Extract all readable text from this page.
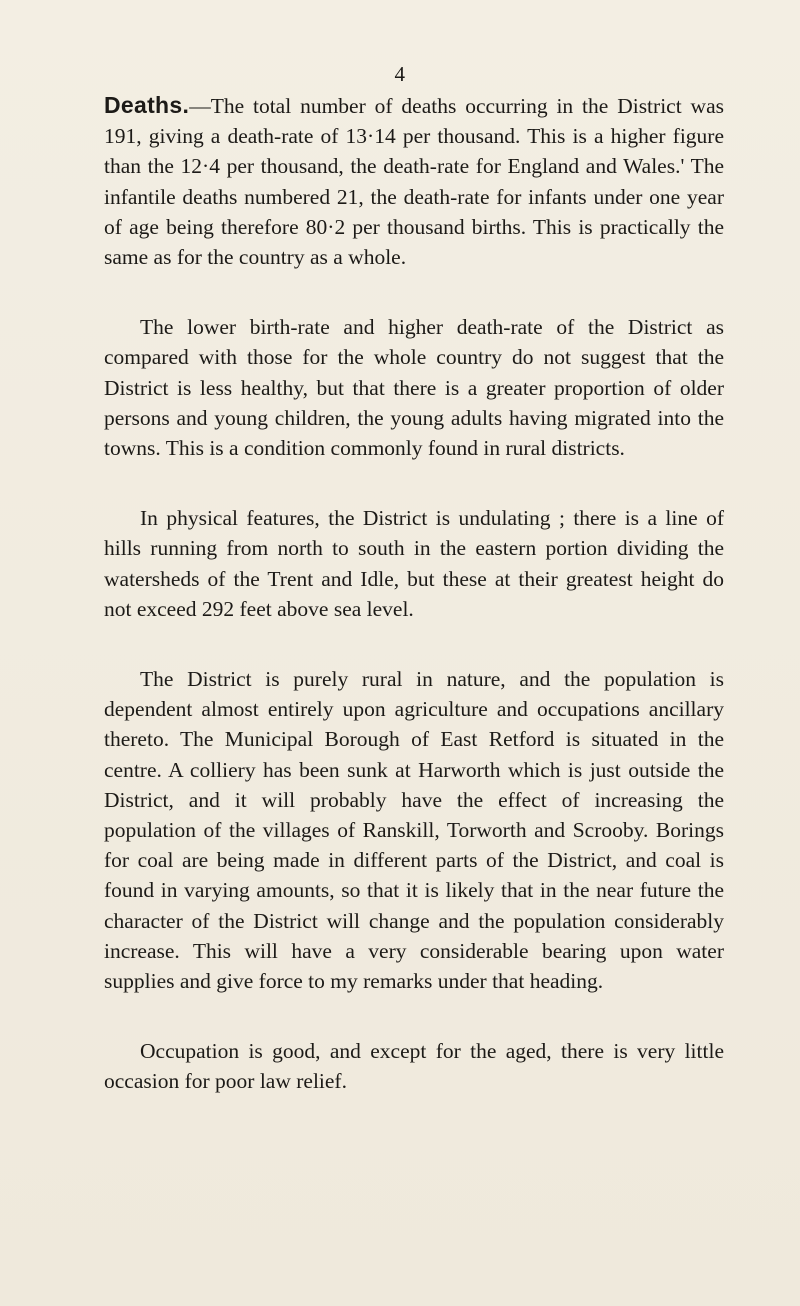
4

Deaths.—The total number of deaths occurring in the District was 191, giving a death-rate of 13·14 per thousand. This is a higher figure than the 12·4 per thousand, the death-rate for England and Wales.' The infantile deaths numbered 21, the death-rate for infants under one year of age being therefore 80·2 per thousand births. This is practically the same as for the country as a whole.

The lower birth-rate and higher death-rate of the District as compared with those for the whole country do not suggest that the District is less healthy, but that there is a greater proportion of older persons and young children, the young adults having migrated into the towns. This is a condition commonly found in rural districts.

In physical features, the District is undulating ; there is a line of hills running from north to south in the eastern portion dividing the watersheds of the Trent and Idle, but these at their greatest height do not exceed 292 feet above sea level.

The District is purely rural in nature, and the population is dependent almost entirely upon agriculture and occupations ancillary thereto. The Municipal Borough of East Retford is situated in the centre. A colliery has been sunk at Harworth which is just outside the District, and it will probably have the effect of increasing the population of the villages of Ranskill, Torworth and Scrooby. Borings for coal are being made in different parts of the District, and coal is found in varying amounts, so that it is likely that in the near future the character of the District will change and the population considerably increase. This will have a very considerable bearing upon water supplies and give force to my remarks under that heading.

Occupation is good, and except for the aged, there is very little occasion for poor law relief.
